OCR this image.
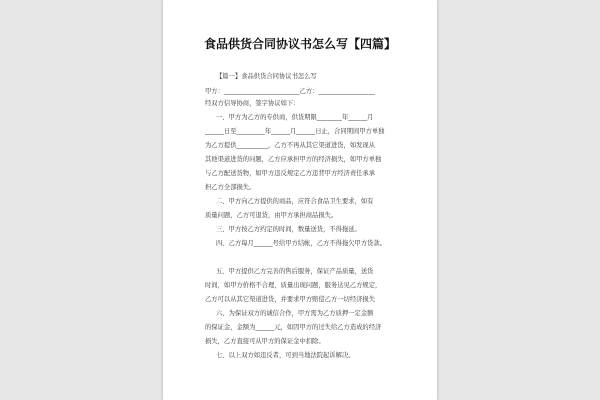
食品供货合同协议书怎么写【四篇】
【篇一】食品供货合同协议书怎么写
甲方：________________________乙方：__________________
经双方信导协商，签字协议如下：
一、甲方为乙方的专供商，供货期限________年______月
______日至_________年______月______日止，合同期间甲方单独
为乙方提供__________，乙方不再从其它渠道进货，如发现从
其他渠道进货的问题，乙方应承担甲方的经济损失，如甲方单独
与乙方配送货物，如甲方违反规定乙方违背甲方经济责任承承
担乙方全部损失。
二、甲方向乙方提供的商品，应符合食品卫生要求，如有
质量问题，乙方可退货，由甲方承担商品损失。
三、甲方按乙方约定的时间，数量送货，不得拖延。
四、乙方每月______号给甲方结帐，乙方不得拖欠甲方货款。
五、甲方提供乙方完善的售后服务，保证产品质量，送货
时间，如甲方价格不合理，质量出现问题，服务达见乙方规定，
乙方可以从其它渠道进货，并要求甲方赔偿乙方一切经济损失
六、为保证双方的诚信合作，甲方需为乙方质押一定金额
的保证金，金额为______元，如因甲方的过失给乙方造成的经济
损失，乙方直接可从甲方的保证金中扣除。
七、以上双方如违反者，可到当地法院起诉解决。
